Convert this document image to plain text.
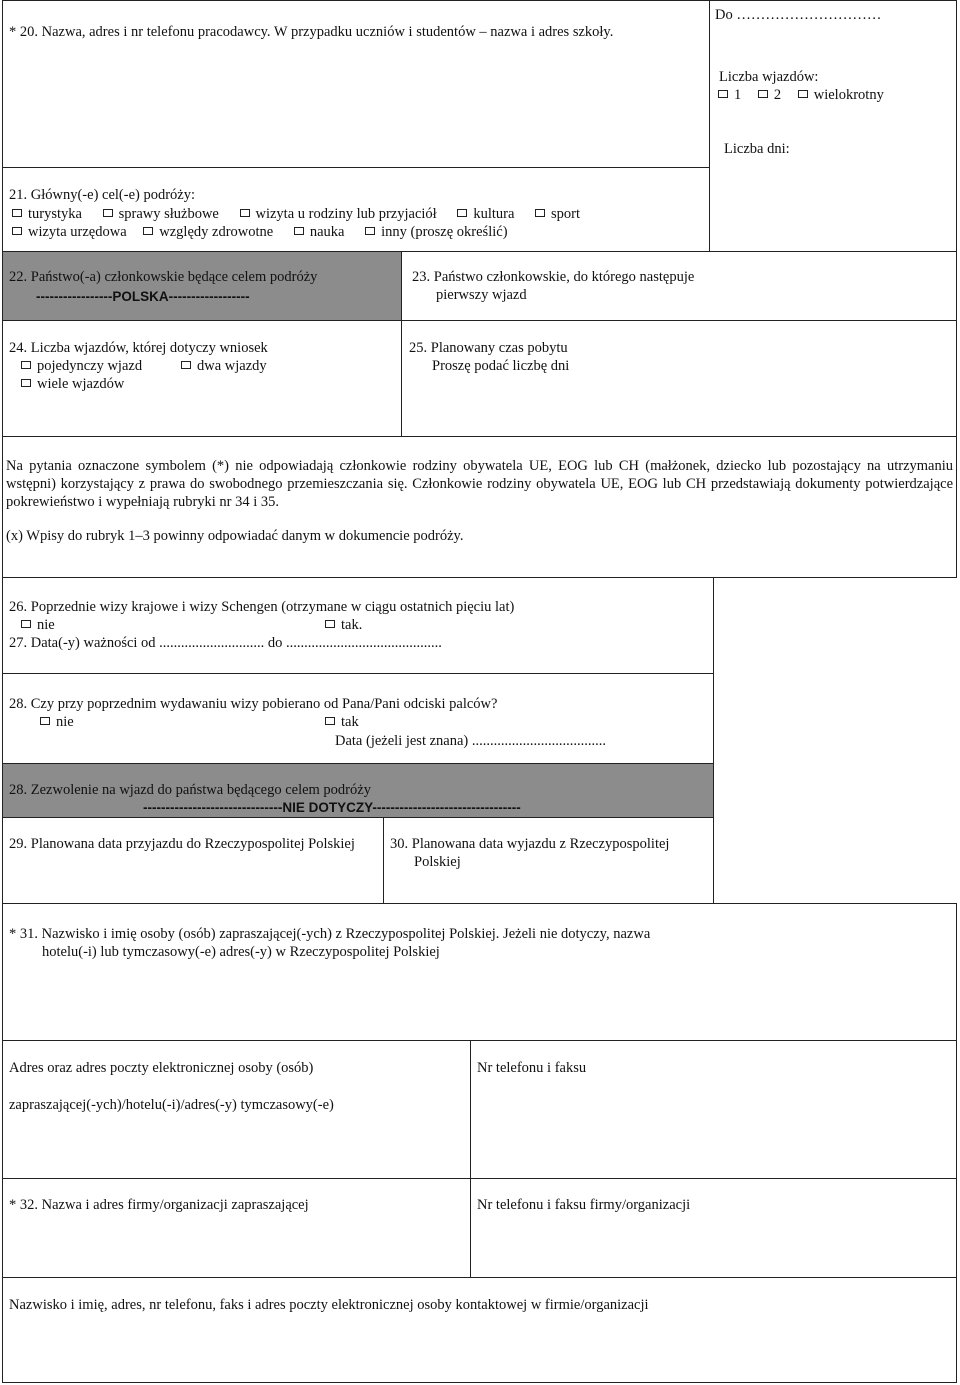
* 20. Nazwa, adres i nr telefonu pracodawcy. W przypadku uczniów i studentów – nazwa i adres szkoły.
Do …………………………
Liczba wjazdów:
1 2 wielokrotny
Liczba dni:
21. Główny(-e) cel(-e) podróży:
turystyka	sprawy służbowe	wizyta u rodziny lub przyjaciół	kultura	sport
wizyta urzędowa względy zdrowotne	nauka	inny (proszę określić)
22. Państwo(-a) członkowskie będące celem podróży
-----------------POLSKA------------------
23. Państwo członkowskie, do którego następuje
pierwszy wjazd
24. Liczba wjazdów, której dotyczy wniosek
pojedynczy wjazd	dwa wjazdy
wiele wjazdów
25. Planowany czas pobytu
Proszę podać liczbę dni
Na pytania oznaczone symbolem (*) nie odpowiadają członkowie rodziny obywatela UE, EOG lub CH (małżonek, dziecko lub pozostający na utrzymaniu wstępni) korzystający z prawa do swobodnego przemieszczania się. Członkowie rodziny obywatela UE, EOG lub CH przedstawiają dokumenty potwierdzające pokrewieństwo i wypełniają rubryki nr 34 i 35.
(x) Wpisy do rubryk 1–3 powinny odpowiadać danym w dokumencie podróży.
26. Poprzednie wizy krajowe i wizy Schengen (otrzymane w ciągu ostatnich pięciu lat)
nie	tak.
27. Data(-y) ważności od ............................. do ...........................................
28. Czy przy poprzednim wydawaniu wizy pobierano od Pana/Pani odciski palców?
nie	tak
Data (jeżeli jest znana) .....................................
28. Zezwolenie na wjazd do państwa będącego celem podróży
-------------------------------NIE DOTYCZY---------------------------------
29. Planowana data przyjazdu do Rzeczypospolitej Polskiej 30. Planowana data wyjazdu z Rzeczypospolitej
Polskiej
* 31. Nazwisko i imię osoby (osób) zapraszającej(-ych) z Rzeczypospolitej Polskiej. Jeżeli nie dotyczy, nazwa
hotelu(-i) lub tymczasowy(-e) adres(-y) w Rzeczypospolitej Polskiej
Adres oraz adres poczty elektronicznej osoby (osób)
zapraszającej(-ych)/hotelu(-i)/adres(-y) tymczasowy(-e)
Nr telefonu i faksu
* 32. Nazwa i adres firmy/organizacji zapraszającej	Nr telefonu i faksu firmy/organizacji
Nazwisko i imię, adres, nr telefonu, faks i adres poczty elektronicznej osoby kontaktowej w firmie/organizacji
